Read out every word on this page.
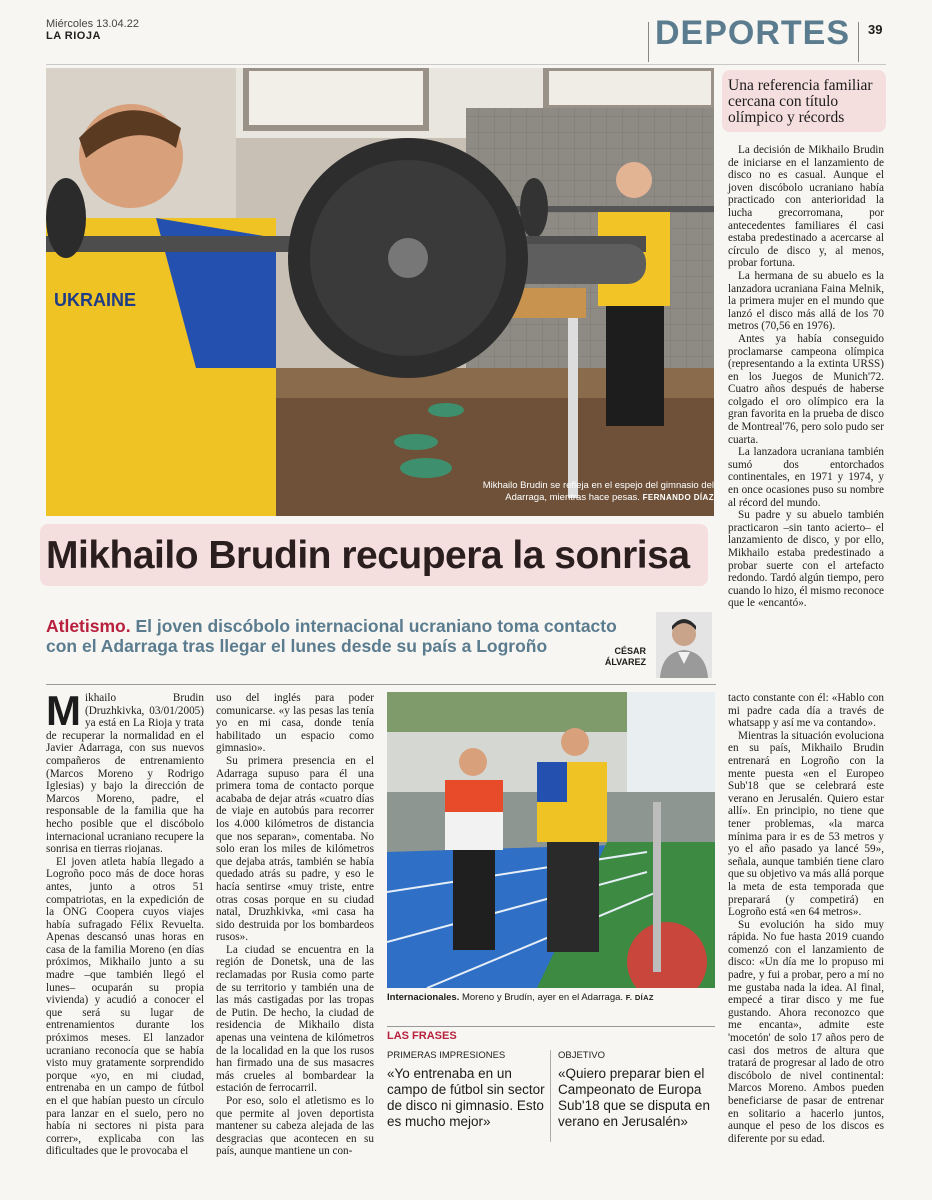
Miércoles 13.04.22
LA RIOJA	DEPORTES 39
UKRAINE
Mikhailo Brudin se refleja en el espejo del gimnasio del Adarraga, mientras hace pesas. FERNANDO DÍAZ
Una referencia familiar cercana con título olímpico y récords

La decisión de Mikhailo Brudin de iniciarse en el lanzamiento de disco no es casual. Aunque el joven discóbolo ucraniano había practicado con anterioridad la lucha grecorromana, por antecedentes familiares él casi estaba predestinado a acercarse al círculo de disco y, al menos, probar fortuna.

La hermana de su abuelo es la lanzadora ucraniana Faina Melnik, la primera mujer en el mundo que lanzó el disco más allá de los 70 metros (70,56 en 1976).

Antes ya había conseguido proclamarse campeona olímpica (representando a la extinta URSS) en los Juegos de Munich'72. Cuatro años después de haberse colgado el oro olímpico era la gran favorita en la prueba de disco de Montreal'76, pero solo pudo ser cuarta.

La lanzadora ucraniana también sumó dos entorchados continentales, en 1971 y 1974, y en once ocasiones puso su nombre al récord del mundo.

Su padre y su abuelo también practicaron –sin tanto acierto– el lanzamiento de disco, y por ello, Mikhailo estaba predestinado a probar suerte con el artefacto redondo. Tardó algún tiempo, pero cuando lo hizo, él mismo reconoce que le «encantó».

Mikhailo Brudin recupera la sonrisa
Atletismo. El joven discóbolo internacional ucraniano toma contacto con el Adarraga tras llegar el lunes desde su país a Logroño	CÉSAR ÁLVAREZ

Mikhailo Brudin (Druzhkivka, 03/01/2005) ya está en La Rioja y trata de recuperar la normalidad en el Javier Adarraga, con sus nuevos compañeros de entrenamiento (Marcos Moreno y Rodrigo Iglesias) y bajo la dirección de Marcos Moreno, padre, el responsable de la familia que ha hecho posible que el discóbolo internacional ucraniano recupere la sonrisa en tierras riojanas.

El joven atleta había llegado a Logroño poco más de doce horas antes, junto a otros 51 compatriotas, en la expedición de la ONG Coopera cuyos viajes había sufragado Félix Revuelta. Apenas descansó unas horas en casa de la familia Moreno (en días próximos, Mikhailo junto a su madre –que también llegó el lunes– ocuparán su propia vivienda) y acudió a conocer el que será su lugar de entrenamientos durante los próximos meses. El lanzador ucraniano reconocía que se había visto muy gratamente sorprendido porque «yo, en mi ciudad, entrenaba en un campo de fútbol en el que habían puesto un círculo para lanzar en el suelo, pero no había ni sectores ni pista para correr», explicaba con las dificultades que le provocaba el

uso del inglés para poder comunicarse. «y las pesas las tenía yo en mi casa, donde tenía habilitado un espacio como gimnasio».

Su primera presencia en el Adarraga supuso para él una primera toma de contacto porque acababa de dejar atrás «cuatro días de viaje en autobús para recorrer los 4.000 kilómetros de distancia que nos separan», comentaba. No solo eran los miles de kilómetros que dejaba atrás, también se había quedado atrás su padre, y eso le hacía sentirse «muy triste, entre otras cosas porque en su ciudad natal, Druzhkivka, «mi casa ha sido destruida por los bombardeos rusos».

La ciudad se encuentra en la región de Donetsk, una de las reclamadas por Rusia como parte de su territorio y también una de las más castigadas por las tropas de Putin. De hecho, la ciudad de residencia de Mikhailo dista apenas una veintena de kilómetros de la localidad en la que los rusos han firmado una de sus masacres más crueles al bombardear la estación de ferrocarril.

Por eso, solo el atletismo es lo que permite al joven deportista mantener su cabeza alejada de las desgracias que acontecen en su país, aunque mantiene un con-

Internacionales. Moreno y Brudín, ayer en el Adarraga. F. DÍAZ
LAS FRASES
PRIMERAS IMPRESIONES
«Yo entrenaba en un campo de fútbol sin sector de disco ni gimnasio. Esto es mucho mejor»
OBJETIVO
«Quiero preparar bien el Campeonato de Europa Sub'18 que se disputa en verano en Jerusalén»

tacto constante con él: «Hablo con mi padre cada día a través de whatsapp y así me va contando».

Mientras la situación evoluciona en su país, Mikhailo Brudin entrenará en Logroño con la mente puesta «en el Europeo Sub'18 que se celebrará este verano en Jerusalén. Quiero estar allí». En principio, no tiene que tener problemas, «la marca mínima para ir es de 53 metros y yo el año pasado ya lancé 59», señala, aunque también tiene claro que su objetivo va más allá porque la meta de esta temporada que preparará (y competirá) en Logroño está «en 64 metros».

Su evolución ha sido muy rápida. No fue hasta 2019 cuando comenzó con el lanzamiento de disco: «Un día me lo propuso mi padre, y fui a probar, pero a mí no me gustaba nada la idea. Al final, empecé a tirar disco y me fue gustando. Ahora reconozco que me encanta», admite este 'mocetón' de solo 17 años pero de casi dos metros de altura que tratará de progresar al lado de otro discóbolo de nivel continental: Marcos Moreno. Ambos pueden beneficiarse de pasar de entrenar en solitario a hacerlo juntos, aunque el peso de los discos es diferente por su edad.
